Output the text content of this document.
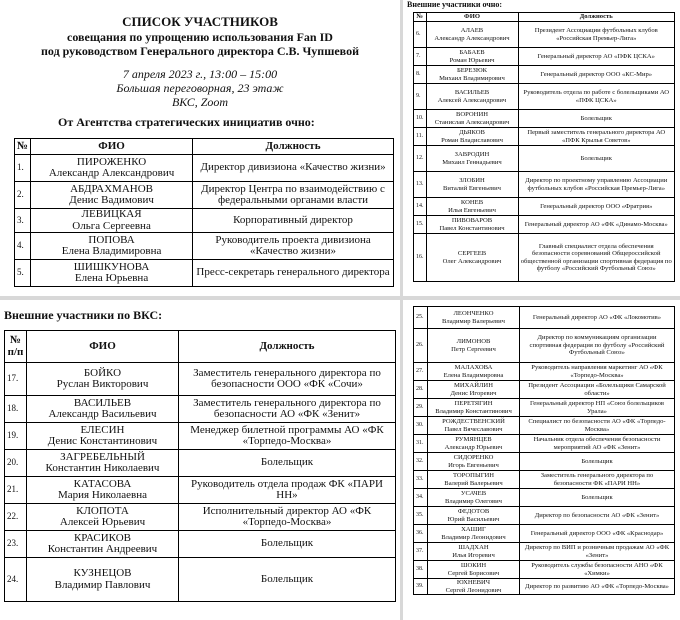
СПИСОК УЧАСТНИКОВ
совещания по упрощению использования Fan ID
под руководством Генерального директора С.В. Чупшевой
7 апреля 2023 г., 13:00 – 15:00
Большая переговорная, 23 этаж
ВКС, Zoom
От Агентства стратегических инициатив очно:
№	ФИО	Должность
1.	ПИРОЖЕНКО
Александр Александрович	Директор дивизиона «Качество жизни»
2.	АБДРАХМАНОВ
Денис Вадимович	Директор Центра по взаимодействию с федеральными органами власти
3.	ЛЕВИЦКАЯ
Ольга Сергеевна	Корпоративный директор
4.	ПОПОВА
Елена Владимировна	Руководитель проекта дивизиона «Качество жизни»
5.	ШИШКУНОВА
Елена Юрьевна	Пресс-секретарь генерального директора
Внешние участники очно:
№	ФИО	Должность
6.	АЛАЕВ
Александр Александрович	Президент Ассоциации футбольных клубов «Российская Премьер-Лига»
7.	БАБАЕВ
Роман Юрьевич	Генеральный директор АО «ПФК ЦСКА»
8.	БЕРЕЗЮК
Михаил Владимирович	Генеральный директор ООО «КС-Мир»
9.	ВАСИЛЬЕВ
Алексей Александрович	Руководитель отдела по работе с болельщиками АО «ПФК ЦСКА»
10.	ВОРОНИН
Станислав Александрович	Болельщик
11.	ДЬЯКОВ
Роман Владиславович	Первый заместитель генерального директора АО «ПФК Крылья Советов»
12.	ЗАВРОДИН
Михаил Геннадьевич	Болельщик
13.	ЗЛОБИН
Виталий Евгеньевич	Директор по проектному управлению Ассоциации футбольных клубов «Российская Премьер-Лига»
14.	КОНЕВ
Илья Евгеньевич	Генеральный директор ООО «Фратрия»
15.	ПИВОВАРОВ
Павел Константинович	Генеральный директор АО «ФК «Динамо-Москва»
16.	СЕРГЕЕВ
Олег Александрович	Главный специалист отдела обеспечения безопасности соревнований Общероссийской общественной организации спортивная федерация по футболу «Российский Футбольный Союз»
Внешние участники по ВКС:
№ п/п	ФИО	Должность
17.	БОЙКО
Руслан Викторович	Заместитель генерального директора по безопасности ООО «ФК «Сочи»
18.	ВАСИЛЬЕВ
Александр Васильевич	Заместитель генерального директора по безопасности АО «ФК «Зенит»
19.	ЕЛЕСИН
Денис Константинович	Менеджер билетной программы АО «ФК «Торпедо-Москва»
20.	ЗАГРЕБЕЛЬНЫЙ
Константин Николаевич	Болельщик
21.	КАТАСОВА
Мария Николаевна	Руководитель отдела продаж ФК «ПАРИ НН»
22.	КЛОПОТА
Алексей Юрьевич	Исполнительный директор АО «ФК «Торпедо-Москва»
23.	КРАСИКОВ
Константин Андреевич	Болельщик
24.	КУЗНЕЦОВ
Владимир Павлович	Болельщик
25.	ЛЕОНЧЕНКО
Владимир Валерьевич	Генеральный директор АО «ФК «Локомотив»
26.	ЛИМОНОВ
Петр Сергеевич	Директор по коммуникациям организации спортивная федерация по футболу «Российский Футбольный Союз»
27.	МАЛАХОВА
Елена Владимировна	Руководитель направления маркетинг АО «ФК «Торпедо-Москва»
28.	МИХАЙЛИН
Денис Игоревич	Президент Ассоциации «Болельщики Самарской области»
29.	ПЕРЕТЯГИН
Владимир Константинович	Генеральный директор НП «Союз болельщиков Урала»
30.	РОЖДЕСТВЕНСКИЙ
Павел Вячеславович	Специалист по безопасности АО «ФК «Торпедо-Москва»
31.	РУМЯНЦЕВ
Александр Юрьевич	Начальник отдела обеспечения безопасности мероприятий АО «ФК «Зенит»
32.	СИДОРЕНКО
Игорь Евгеньевич	Болельщик
33.	ТОРОПЫГИН
Валерий Валерьевич	Заместитель генерального директора по безопасности ФК «ПАРИ НН»
34.	УСАЧЕВ
Владимир Олегович	Болельщик
35.	ФЕДОТОВ
Юрий Васильевич	Директор по безопасности АО «ФК «Зенит»
36.	ХАШИГ
Владимир Леонидович	Генеральный директор ООО «ФК «Краснодар»
37.	ШАДХАН
Илья Игоревич	Директор по ВИП и розничным продажам АО «ФК «Зенит»
38.	ШОКИН
Сергей Борисович	Руководитель службы безопасности АНО «ФК «Химки»
39.	ЮХНЕВИЧ
Сергей Леонидович	Директор по развитию АО «ФК «Торпедо-Москва»
